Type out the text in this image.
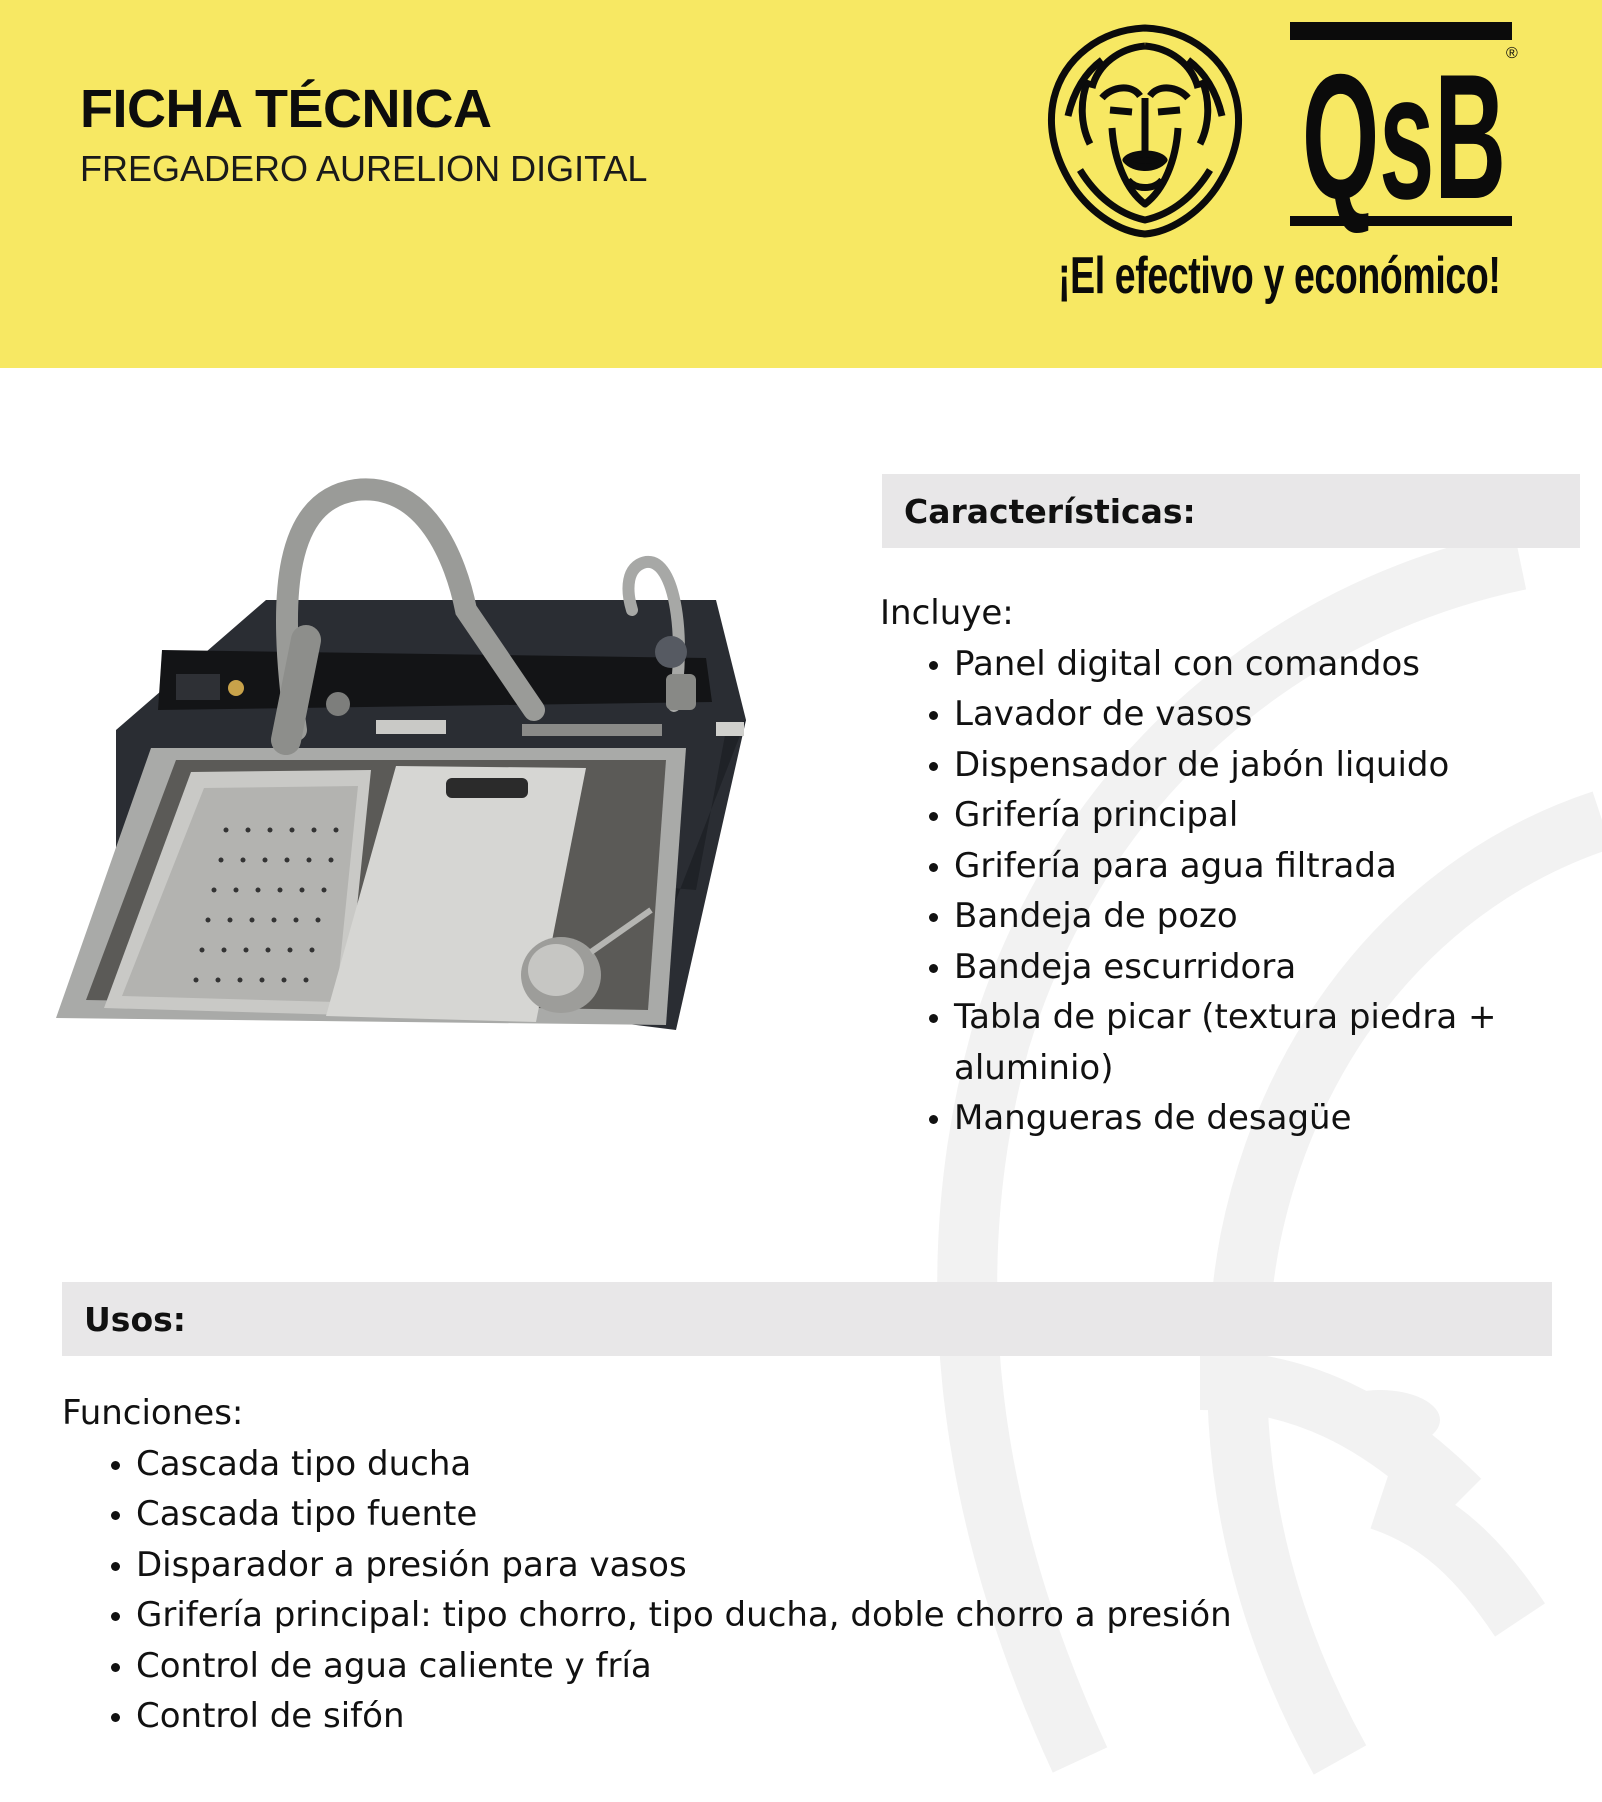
FICHA TÉCNICA

FREGADERO AURELION DIGITAL	QsB ®
¡El efectivo y económico!
Características:

Incluye:

• Panel digital con comandos
• Lavador de vasos
• Dispensador de jabón liquido
• Grifería principal
• Grifería para agua filtrada
• Bandeja de pozo
• Bandeja escurridora
• Tabla de picar (textura piedra + aluminio)
• Mangueras de desagüe
Usos:

Funciones:

• Cascada tipo ducha
• Cascada tipo fuente
• Disparador a presión para vasos
• Grifería principal: tipo chorro, tipo ducha, doble chorro a presión
• Control de agua caliente y fría
• Control de sifón
